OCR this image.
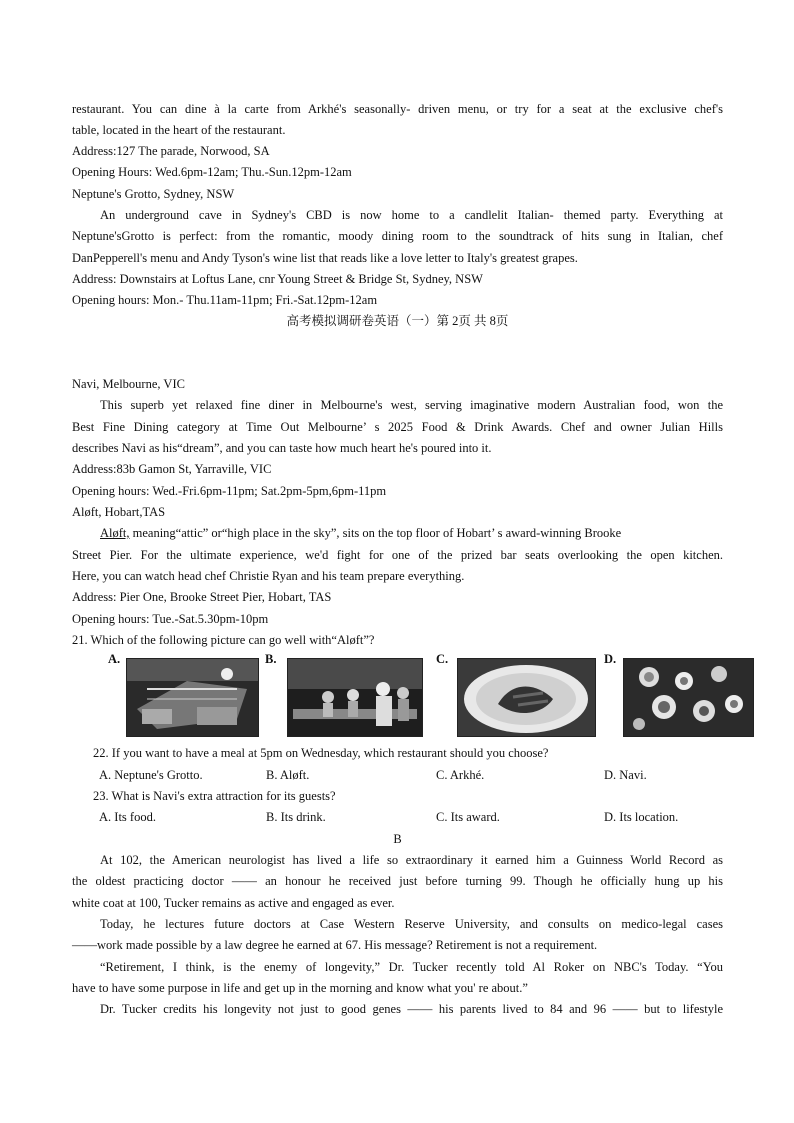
restaurant. You can dine à la carte from Arkhé's seasonally- driven menu, or try for a seat at the exclusive chef's
table, located in the heart of the restaurant.
Address:127 The parade, Norwood, SA
Opening Hours: Wed.6pm-12am; Thu.-Sun.12pm-12am
Neptune's Grotto, Sydney, NSW
An underground cave in Sydney's CBD is now home to a candlelit Italian- themed party. Everything at
Neptune'sGrotto is perfect: from the romantic, moody dining room to the soundtrack of hits sung in Italian, chef
DanPepperell's menu and Andy Tyson's wine list that reads like a love letter to Italy's greatest grapes.
Address: Downstairs at Loftus Lane, cnr Young Street & Bridge St, Sydney, NSW
Opening hours: Mon.- Thu.11am-11pm; Fri.-Sat.12pm-12am
高考模拟调研卷英语（一）第 2页 共 8页
Navi, Melbourne, VIC
This superb yet relaxed fine diner in Melbourne's west, serving imaginative modern Australian food, won the
Best Fine Dining category at Time Out Melbourne’ s 2025 Food & Drink Awards. Chef and owner Julian Hills
describes Navi as his“dream”, and you can taste how much heart he's poured into it.
Address:83b Gamon St, Yarraville, VIC
Opening hours: Wed.-Fri.6pm-11pm; Sat.2pm-5pm,6pm-11pm
Aløft, Hobart,TAS
Aløft, meaning“attic” or“high place in the sky”, sits on the top floor of Hobart’ s award-winning Brooke
Street Pier. For the ultimate experience, we'd fight for one of the prized bar seats overlooking the open kitchen.
Here, you can watch head chef Christie Ryan and his team prepare everything.
Address: Pier One, Brooke Street Pier, Hobart, TAS
Opening hours: Tue.-Sat.5.30pm-10pm
21. Which of the following picture can go well with“Aløft”?
A.	B.	C.	D.
22. If you want to have a meal at 5pm on Wednesday, which restaurant should you choose?
A. Neptune's Grotto.	B. Aløft.	C. Arkhé.	D. Navi.
23. What is Navi's extra attraction for its guests?
A. Its food.	B. Its drink.	C. Its award.	D. Its location.
B
At 102, the American neurologist has lived a life so extraordinary it earned him a Guinness World Record as
the oldest practicing doctor —— an honour he received just before turning 99. Though he officially hung up his
white coat at 100, Tucker remains as active and engaged as ever.
Today, he lectures future doctors at Case Western Reserve University, and consults on medico-legal cases
——work made possible by a law degree he earned at 67. His message? Retirement is not a requirement.
“Retirement, I think, is the enemy of longevity,” Dr. Tucker recently told Al Roker on NBC's Today. “You
have to have some purpose in life and get up in the morning and know what you' re about.”
Dr. Tucker credits his longevity not just to good genes —— his parents lived to 84 and 96 —— but to lifestyle
